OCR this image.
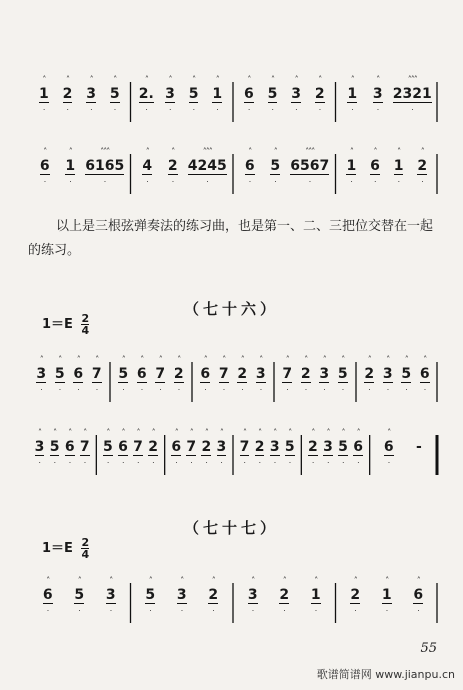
˄
1
·
˄
2
·
˄
3
·
˄
5
·
˄
2.
·
˄
3
·
˄
5
·
˄
1
·
˄
6
·
˄
5
·
˄
3
·
˄
2
·
˄
1
·
˄
3
·
˄˄˄
2321
·
˄
6
·
˄
1
·
˄˄˄
6165
·
˄
4
·
˄
2
·
˄˄˄
4245
·
˄
6
·
˄
5
·
˄˄˄
6567
·
˄
1
·
˄
6
·
˄
1
·
˄
2
·

以上是三根弦弹奏法的练习曲，也是第一、二、三把位交替在一起的练习。

（七十六）
$1=E \frac{2}{4}$
˄
3
·
˄
5
·
˄
6
·
˄
7
·
˄
5
·
˄
6
·
˄
7
·
˄
2
·
˄
6
·
˄
7
·
˄
2
·
˄
3
·
˄
7
·
˄
2
·
˄
3
·
˄
5
·
˄
2
·
˄
3
·
˄
5
·
˄
6
·
˄
3
·
˄
5
·
˄
6
·
˄
7
·
˄
5
·
˄
6
·
˄
7
·
˄
2
·
˄
6
·
˄
7
·
˄
2
·
˄
3
·
˄
7
·
˄
2
·
˄
3
·
˄
5
·
˄
2
·
˄
3
·
˄
5
·
˄
6
·
˄
6
·
-
（七十七）
$1=E \frac{2}{4}$
˄
6
·
˄
5
·
˄
3
·
˄
5
·
˄
3
·
˄
2
·
˄
3
·
˄
2
·
˄
1
·
˄
2
·
˄
1
·
˄
6
·
55
歌谱简谱网 www.jianpu.cn
